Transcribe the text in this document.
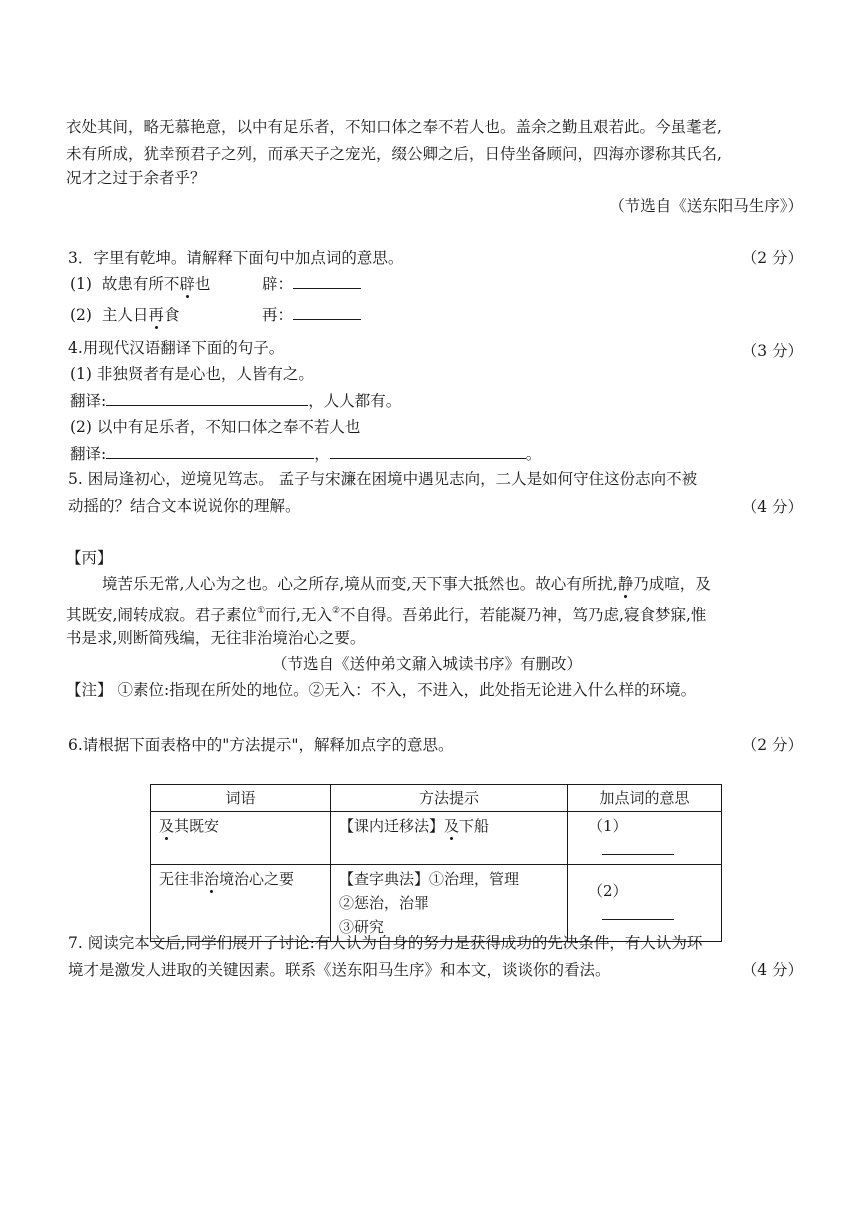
衣处其间，略无慕艳意，以中有足乐者，不知口体之奉不若人也。盖余之勤且艰若此。今虽耄老,
未有所成，犹幸预君子之列，而承天子之宠光，缀公卿之后，日侍坐备顾问，四海亦谬称其氏名,
况才之过于余者乎？
（节选自《送东阳马生序》）
3．字里有乾坤。请解释下面句中加点词的意思。	（2 分）
(1) 故患有所不辟也	辟：
(2) 主人日再食	再：
4.用现代汉语翻译下面的句子。	（3 分）
(1) 非独贤者有是心也，人皆有之。
翻译:	，人人都有。
(2) 以中有足乐者，不知口体之奉不若人也
翻译:	，	。
5. 困局逢初心，逆境见笃志。 孟子与宋濂在困境中遇见志向，二人是如何守住这份志向不被
动摇的？结合文本说说你的理解。	（4 分）
【丙】
境苦乐无常,人心为之也。心之所存,境从而变,天下事大抵然也。故心有所扰,静乃成喧，及
其既安,闹转成寂。君子素位①而行,无入②不自得。吾弟此行，若能凝乃神，笃乃虑,寝食梦寐,惟
书是求,则断简残编，无往非治境治心之要。
（节选自《送仲弟文鼐入城读书序》有删改）
【注】 ①素位:指现在所处的地位。②无入：不入，不进入，此处指无论进入什么样的环境。
6.请根据下面表格中的"方法提示"，解释加点字的意思。	（2 分）
词语	方法提示	加点词的意思
及其既安	【课内迁移法】及下船	（1）
无往非治境治心之要	【查字典法】①治理，管理
②惩治，治罪
③研究	（2）
7. 阅读完本文后,同学们展开了讨论:有人认为自身的努力是获得成功的先决条件，有人认为环
境才是激发人进取的关键因素。联系《送东阳马生序》和本文，谈谈你的看法。	（4 分）
